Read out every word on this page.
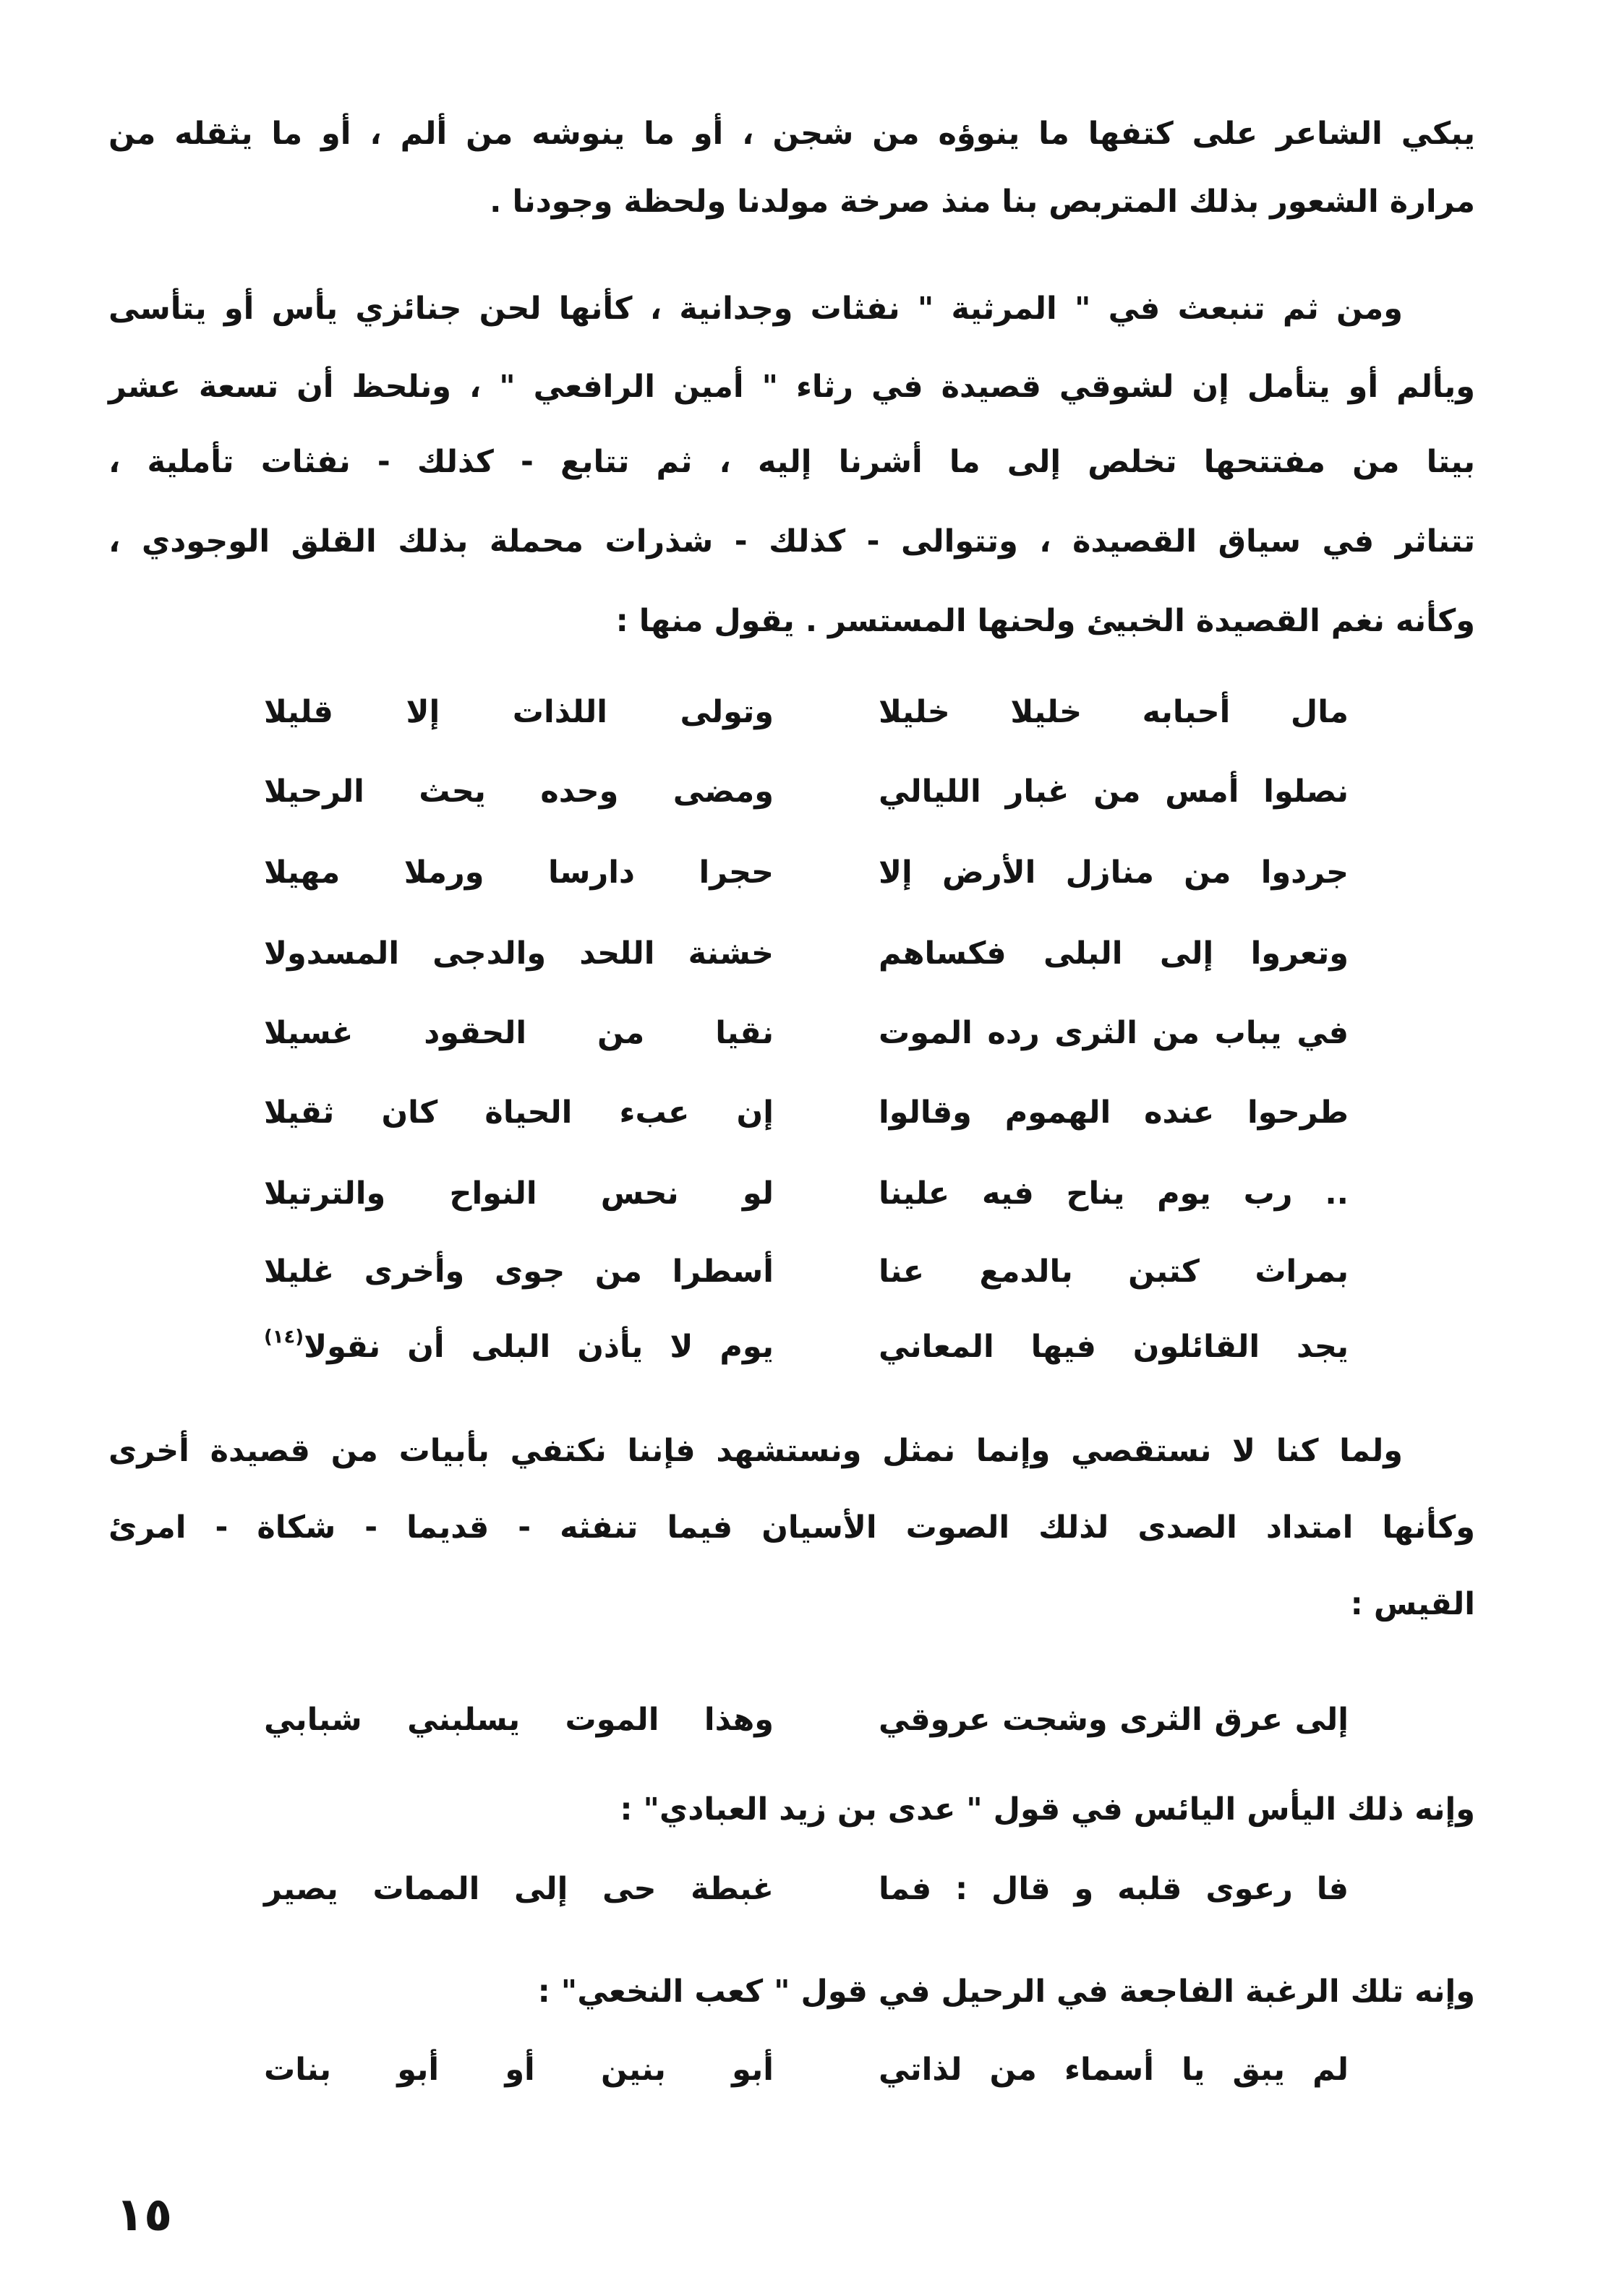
يبكي الشاعر على كتفها ما ينوؤه من شجن ، أو ما ينوشه من ألم ، أو ما يثقله من

مرارة الشعور بذلك المتربص بنا منذ صرخة مولدنا ولحظة وجودنا .

ومن ثم تنبعث في " المرثية " نفثات وجدانية ، كأنها لحن جنائزي يأس أو يتأسى

ويألم أو يتأمل إن لشوقي قصيدة في رثاء " أمين الرافعي " ، ونلحظ أن تسعة عشر

بيتا من مفتتحها تخلص إلى ما أشرنا إليه ، ثم تتابع - كذلك - نفثات تأملية ،

تتناثر في سياق القصيدة ، وتتوالى - كذلك - شذرات محملة بذلك القلق الوجودي ،

وكأنه نغم القصيدة الخبيئ ولحنها المستسر . يقول منها :

مال أحبابه خليلا خليلا

وتولى اللذات إلا قليلا

نصلوا أمس من غبار الليالي

ومضى وحده يحث الرحيلا

جردوا من منازل الأرض إلا

حجرا دارسا ورملا مهيلا

وتعروا إلى البلى فكساهم

خشنة اللحد والدجى المسدولا

في يباب من الثرى رده الموت

نقيا من الحقود غسيلا

طرحوا عنده الهموم وقالوا

إن عبء الحياة كان ثقيلا

.. رب يوم يناح فيه علينا

لو نحس النواح والترتيلا

بمراث كتبن بالدمع عنا

أسطرا من جوى وأخرى غليلا

يجد القائلون فيها المعاني

يوم لا يأذن البلى أن نقولا$^{(١٤)}$

ولما كنا لا نستقصي وإنما نمثل ونستشهد فإننا نكتفي بأبيات من قصيدة أخرى

وكأنها امتداد الصدى لذلك الصوت الأسيان فيما تنفثه - قديما - شكاة - امرئ

القيس :

إلى عرق الثرى وشجت عروقي

وهذا الموت يسلبني شبابي

وإنه ذلك اليأس اليائس في قول " عدى بن زيد العبادي" :

فا رعوى قلبه و قال : فما

غبطة حى إلى الممات يصير

وإنه تلك الرغبة الفاجعة في الرحيل في قول " كعب النخعي" :

لم يبق يا أسماء من لذاتي

أبو بنين أو أبو بنات

١٥
